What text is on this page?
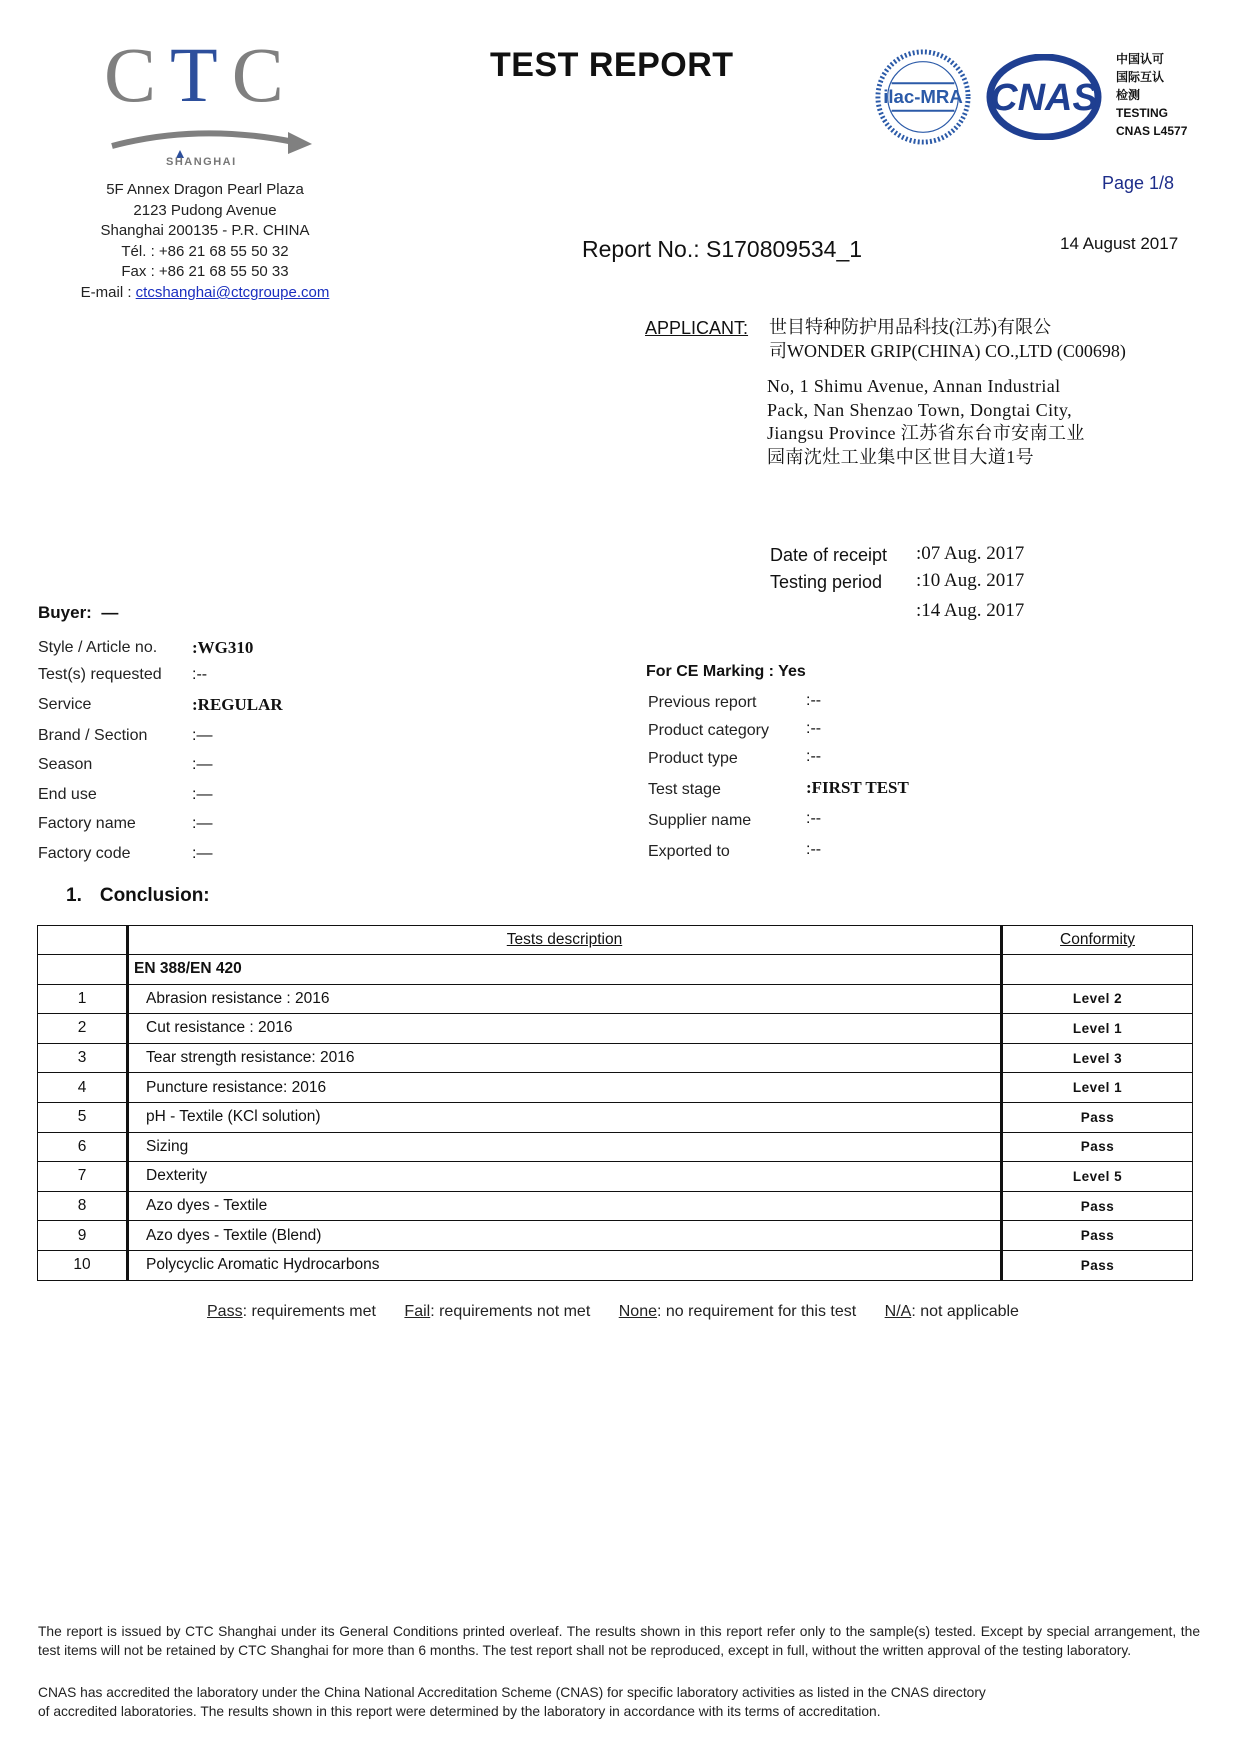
CTC
SHANGHAI
5F Annex Dragon Pearl Plaza
2123 Pudong Avenue
Shanghai 200135 - P.R. CHINA
Tél. : +86 21 68 55 50 32
Fax : +86 21 68 55 50 33
E-mail : ctcshanghai@ctcgroupe.com
TEST REPORT
ilac-MRA CNAS
中国认可
国际互认
检测
TESTING
CNAS L4577
Page 1/8
Report No.: S170809534_1	14 August 2017
APPLICANT: 世目特种防护用品科技(江苏)有限公
司WONDER GRIP(CHINA) CO.,LTD (C00698)
No, 1 Shimu Avenue, Annan Industrial
Pack, Nan Shenzao Town, Dongtai City,
Jiangsu Province 江苏省东台市安南工业
园南沈灶工业集中区世目大道1号
Date of receipt :07 Aug. 2017
Testing period :10 Aug. 2017
:14 Aug. 2017
Buyer: —
Style / Article no. :WG310
Test(s) requested :--
Service	:REGULAR
Brand / Section	:—
Season	:—
End use	:—
Factory name	:—
Factory code	:—
For CE Marking : Yes
Previous report	:--
Product category :--
Product type	:--
Test stage	:FIRST TEST
Supplier name	:--
Exported to	:--
1. Conclusion:
	Tests description	Conformity
	EN 388/EN 420	
1	Abrasion resistance : 2016	Level 2
2	Cut resistance : 2016	Level 1
3	Tear strength resistance: 2016	Level 3
4	Puncture resistance: 2016	Level 1
5	pH - Textile (KCl solution)	Pass
6	Sizing	Pass
7	Dexterity	Level 5
8	Azo dyes - Textile	Pass
9	Azo dyes - Textile (Blend)	Pass
10	Polycyclic Aromatic Hydrocarbons	Pass
Pass: requirements met Fail: requirements not met None: no requirement for this test N/A: not applicable
The report is issued by CTC Shanghai under its General Conditions printed overleaf. The results shown in this report refer only to the sample(s) tested. Except by special arrangement, the test items will not be retained by CTC Shanghai for more than 6 months. The test report shall not be reproduced, except in full, without the written approval of the testing laboratory.
CNAS has accredited the laboratory under the China National Accreditation Scheme (CNAS) for specific laboratory activities as listed in the CNAS directory
of accredited laboratories. The results shown in this report were determined by the laboratory in accordance with its terms of accreditation.
